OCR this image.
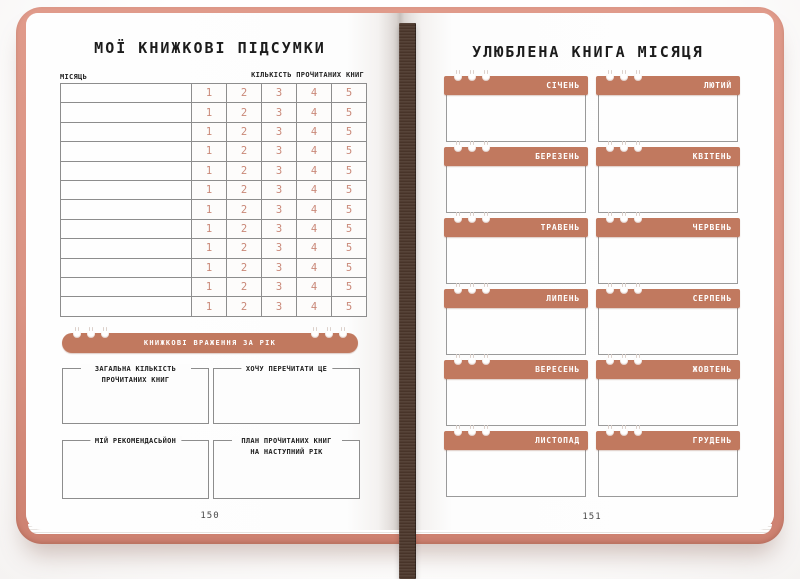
МОЇ КНИЖКОВІ ПІДСУМКИ
МІСЯЦЬ	КІЛЬКІСТЬ ПРОЧИТАНИХ КНИГ
	1	2	3	4	5
	1	2	3	4	5
	1	2	3	4	5
	1	2	3	4	5
	1	2	3	4	5
	1	2	3	4	5
	1	2	3	4	5
	1	2	3	4	5
	1	2	3	4	5
	1	2	3	4	5
	1	2	3	4	5
	1	2	3	4	5
КНИЖКОВІ ВРАЖЕННЯ ЗА РІК
ЗАГАЛЬНА КІЛЬКІСТЬ ПРОЧИТАНИХ КНИГ
ХОЧУ ПЕРЕЧИТАТИ ЦЕ
МІЙ РЕКОМЕНДАСЬЙОН	ПЛАН ПРОЧИТАНИХ КНИГ НА НАСТУПНИЙ РІК
150
УЛЮБЛЕНА КНИГА МІСЯЦЯ
СІЧЕНЬ	ЛЮТИЙ
БЕРЕЗЕНЬ	КВІТЕНЬ
ТРАВЕНЬ	ЧЕРВЕНЬ
ЛИПЕНЬ	СЕРПЕНЬ
ВЕРЕСЕНЬ	ЖОВТЕНЬ
ЛИСТОПАД	ГРУДЕНЬ
151
